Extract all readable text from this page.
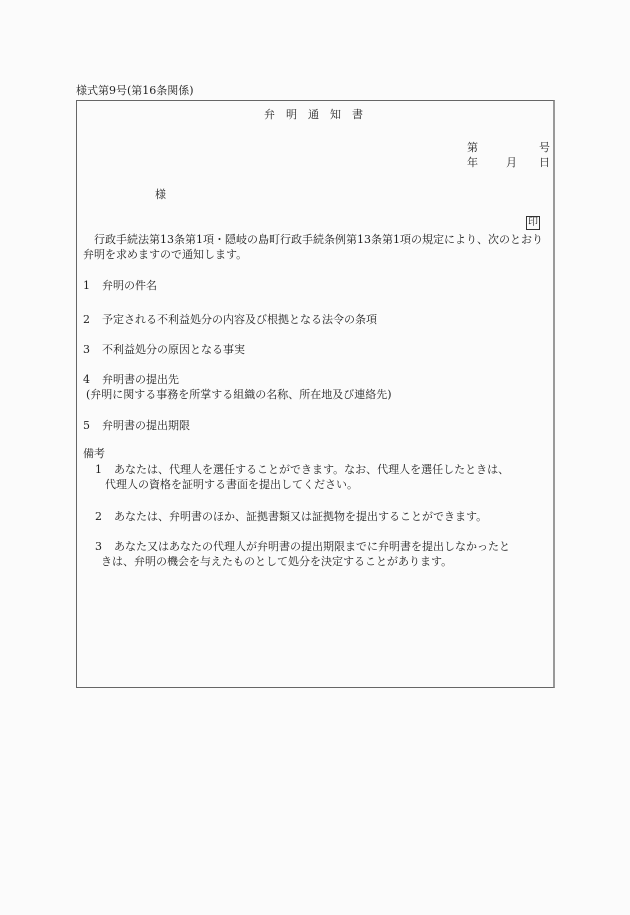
様式第9号(第16条関係)
弁明通知書
第	号
年	月 日
様
印
行政手続法第13条第1項・隠岐の島町行政手続条例第13条第1項の規定により、次のとおり弁明を求めますので通知します。
1 弁明の件名
2 予定される不利益処分の内容及び根拠となる法令の条項
3 不利益処分の原因となる事実
4 弁明書の提出先
(弁明に関する事務を所掌する組織の名称、所在地及び連絡先)
5 弁明書の提出期限
備考
1 あなたは、代理人を選任することができます。なお、代理人を選任したときは、
代理人の資格を証明する書面を提出してください。
2 あなたは、弁明書のほか、証拠書類又は証拠物を提出することができます。
3 あなた又はあなたの代理人が弁明書の提出期限までに弁明書を提出しなかったと
きは、弁明の機会を与えたものとして処分を決定することがあります。
